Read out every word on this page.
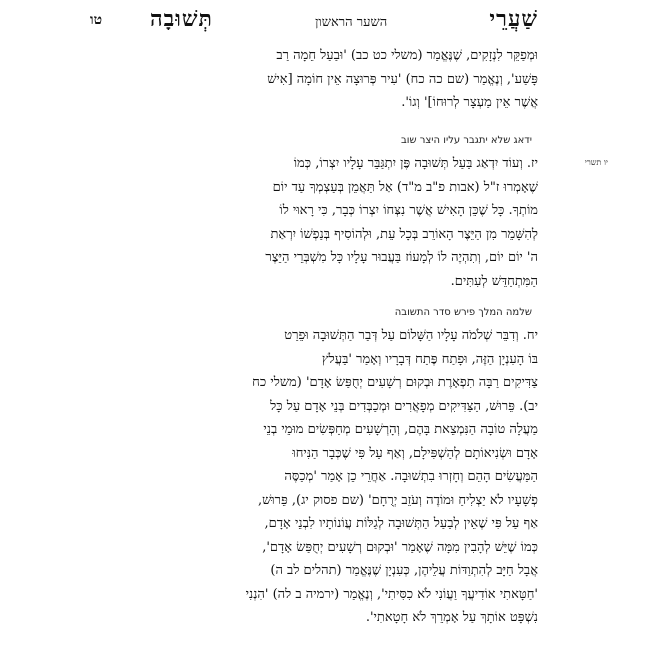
שַׁעֲרֵי
השער הראשון
תְּשׁוּבָה
טו
וּמְפַקֵּר לִנְזָקִים, שֶׁנֶּאֱמַר (משלי כט כב) 'וּבַעַל חֵמָה רַב
פָּשַׁע', וְנֶאֱמַר (שם כה כח) 'עִיר פְּרוּצָה אֵין חוֹמָה [אִישׁ
אֲשֶׁר אֵין מַעְצָר לְרוּחוֹ]' וְגוֹ'.
ידאג שלא יתגבר עליו היצר שוב
יו תשרי
יז. וְעוֹד יִדְאַג בַּעַל תְּשׁוּבָה פֶּן יִתְגַּבֵּר עָלָיו יִצְרוֹ, כְּמוֹ
שֶׁאָמְרוּ ז"ל (אבות פ"ב מ"ד) אַל תַּאֲמֵן בְּעַצְמְךָ עַד יוֹם
מוֹתְךָ. כָּל שֶׁכֵּן הָאִישׁ אֲשֶׁר נִצְּחוֹ יִצְרוֹ כְּבָר, כִּי רָאוּי לוֹ
לְהִשָּׁמֵר מִן הַיֵּצֶר הָאוֹרֵב בְּכָל עֵת, וּלְהוֹסִיף בְּנַפְשׁוֹ יִרְאַת
ה' יוֹם יוֹם, וְתִהְיֶה לוֹ לְמָעוֹז בַּעֲבוּר עָלָיו כָּל מִשְׁבְּרֵי הַיֵּצֶר
הַמִּתְחַדֵּשׁ לְעִתִּים.
שלמה המלך פירש סדר התשובה
יח. וְדִבֵּר שְׁלֹמֹה עָלָיו הַשָּׁלוֹם עַל דְּבַר הַתְּשׁוּבָה וּפֵרַט
בּוֹ הָעִנְיָן הַזֶּה, וּפָתַח פֶּתַח דְּבָרָיו וְאָמַר 'בַּעֲלֹץ
צַדִּיקִים רַבָּה תִפְאָרֶת וּבְקוּם רְשָׁעִים יְחֻפַּשׂ אָדָם' (משלי כח
יב). פֵּרוּשׁ, הַצַּדִּיקִים מְפָאֲרִים וּמְכַבְּדִים בְּנֵי אָדָם עַל כָּל
מַעֲלָה טוֹבָה הַנִּמְצֵאת בָּהֶם, וְהָרְשָׁעִים מְחַפְּשִׂים מוּמֵי בְנֵי
אָדָם וּשְׂנִיאוֹתָם לְהַשְׁפִּילָם, וְאַף עַל פִּי שֶׁכְּבָר הַנִּיחוּ
הַמַּעֲשִׂים הָהֵם וְחָזְרוּ בִתְשׁוּבָה. אַחֲרֵי כֵן אָמַר 'מְכַסֶּה
פְשָׁעָיו לֹא יַצְלִיחַ וּמוֹדֶה וְעֹזֵב יְרֻחָם' (שם פסוק יג), פֵּרוּשׁ,
אַף עַל פִּי שֶׁאֵין לְבַעַל הַתְּשׁוּבָה לְגַלּוֹת עֲוֹנוֹתָיו לִבְנֵי אָדָם,
כְּמוֹ שֶׁיֵּשׁ לְהָבִין מִמָּה שֶׁאָמַר 'וּבְקוּם רְשָׁעִים יְחֻפַּשׂ אָדָם',
אֲבָל חַיָּב לְהִתְוַדּוֹת עֲלֵיהֶן, כְּעִנְיָן שֶׁנֶּאֱמַר (תהלים לב ה)
'חַטָּאתִי אוֹדִיעֲךָ וַעֲוֹנִי לֹא כִסִּיתִי', וְנֶאֱמַר (ירמיה ב לה) 'הִנְנִי
נִשְׁפָּט אוֹתָךְ עַל אָמְרֵךְ לֹא חָטָאתִי'.
